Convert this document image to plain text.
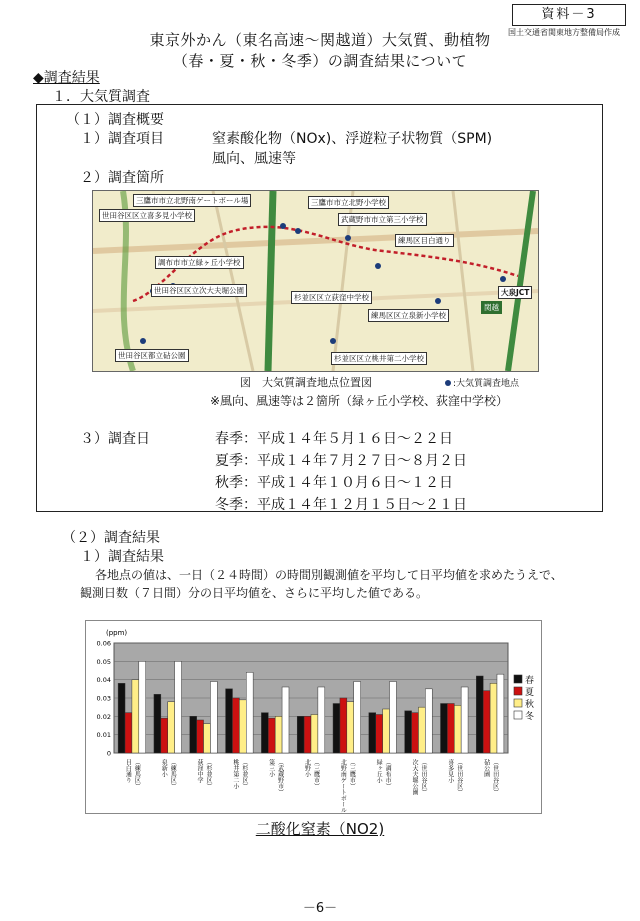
資料－3
国土交通省関東地方整備局作成
東京外かん（東名高速～関越道）大気質、動植物
（春・夏・秋・冬季）の調査結果について
◆調査結果
１．大気質調査
（１）調査概要
１）調査項目	窒素酸化物（NOx)、浮遊粒子状物質（SPM)
風向、風速等
２）調査箇所
三鷹市市立北野南ゲートボール場	三鷹市市立北野小学校
世田谷区区立喜多見小学校	武蔵野市市立第三小学校
練馬区目白通り
調布市市立緑ヶ丘小学校
世田谷区区立次大夫堀公園
杉並区区立荻窪中学校
練馬区区立泉新小学校
世田谷区都立砧公園	杉並区区立桃井第二小学校
大泉JCT
関越
図　大気質調査地点位置図	:大気質調査地点
※風向、風速等は２箇所（緑ヶ丘小学校、荻窪中学校）
３）調査日	春季：平成１４年５月１６日～２２日
夏季：平成１４年７月２７日～８月２日
秋季：平成１４年１０月６日～１２日
冬季：平成１４年１２月１５日～２１日
（２）調査結果
１）調査結果
各地点の値は、一日（２４時間）の時間別観測値を平均して日平均値を求めたうえで、
観測日数（７日間）分の日平均値を、さらに平均した値である。
(ppm)
0
0.01
0.02
0.03
0.04
0.05
0.06
目白通り （練馬区）	泉新小 （練馬区）	荻窪中学 （杉並区）	桃井第二小 （杉並区）	第三小 （武蔵野市）	北野小 （三鷹市）	北野南ゲートボール場 （三鷹市）	緑ヶ丘小 （調布市）	次大夫堀公園 （世田谷区）	喜多見小 （世田谷区）	砧公園 （世田谷区）
春
夏
秋
冬
二酸化窒素（NO2)
－6－
